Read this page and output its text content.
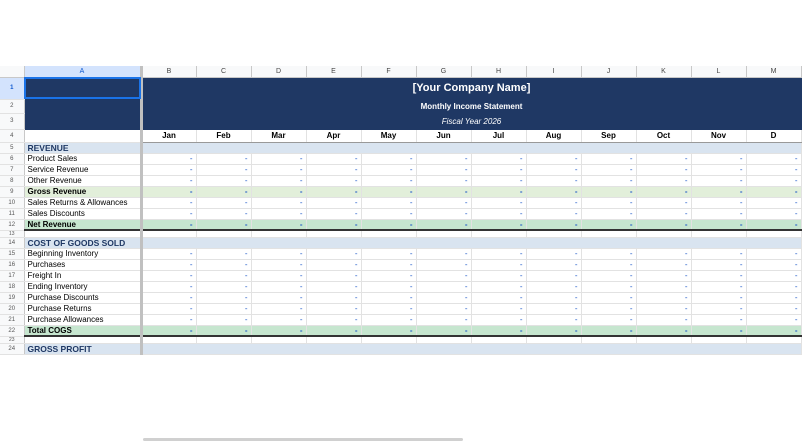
	A	B	C	D	E	F	G	H	I	J	K	L	M
1		[Your Company Name]											
2		Monthly Income Statement											
3		Fiscal Year 2026											
4		Jan	Feb	Mar	Apr	May	Jun	Jul	Aug	Sep	Oct	Nov	D
5	REVENUE												
6	Product Sales	-	-	-	-	-	-	-	-	-	-	-	-
7	Service Revenue	-	-	-	-	-	-	-	-	-	-	-	-
8	Other Revenue	-	-	-	-	-	-	-	-	-	-	-	-
9	Gross Revenue	-	-	-	-	-	-	-	-	-	-	-	-
10	Sales Returns & Allowances	-	-	-	-	-	-	-	-	-	-	-	-
11	Sales Discounts	-	-	-	-	-	-	-	-	-	-	-	-
12	Net Revenue	-	-	-	-	-	-	-	-	-	-	-	-
13													
14	COST OF GOODS SOLD												
15	Beginning Inventory	-	-	-	-	-	-	-	-	-	-	-	-
16	Purchases	-	-	-	-	-	-	-	-	-	-	-	-
17	Freight In	-	-	-	-	-	-	-	-	-	-	-	-
18	Ending Inventory	-	-	-	-	-	-	-	-	-	-	-	-
19	Purchase Discounts	-	-	-	-	-	-	-	-	-	-	-	-
20	Purchase Returns	-	-	-	-	-	-	-	-	-	-	-	-
21	Purchase Allowances	-	-	-	-	-	-	-	-	-	-	-	-
22	Total COGS	-	-	-	-	-	-	-	-	-	-	-	-
23													
24	GROSS PROFIT												
